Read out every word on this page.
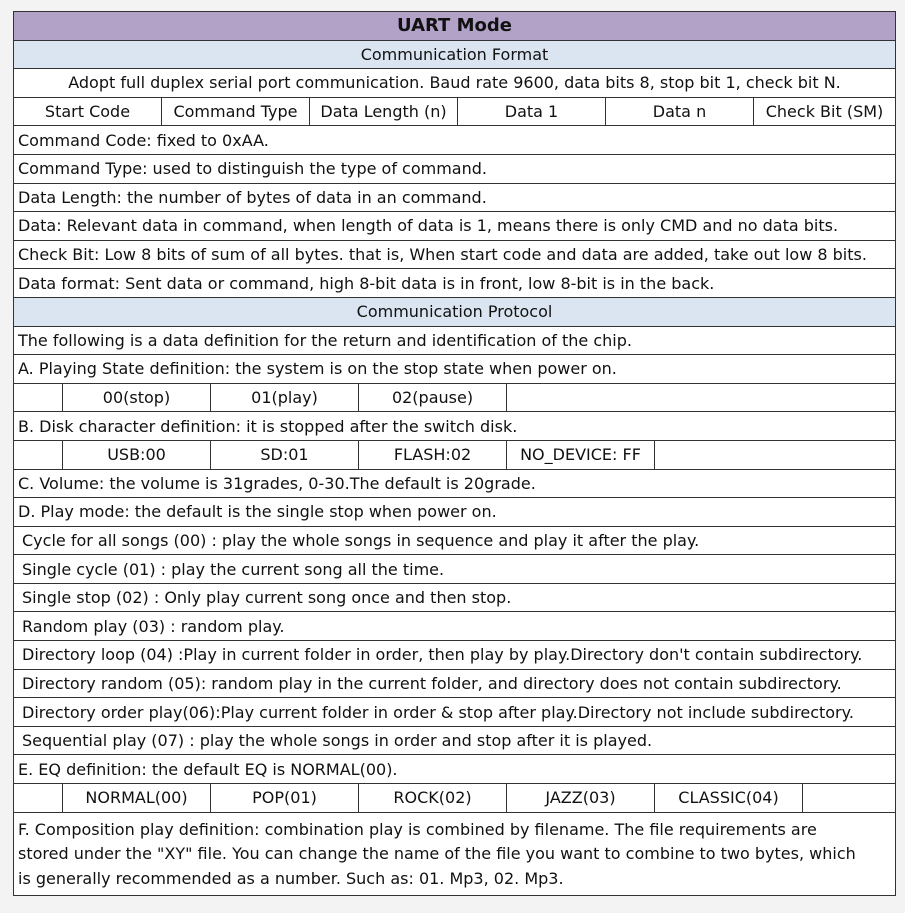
UART Mode
Communication Format
Adopt full duplex serial port communication. Baud rate 9600, data bits 8, stop bit 1, check bit N.
Start Code	Command Type	Data Length (n)	Data 1	Data n	Check Bit (SM)
Command Code: fixed to 0xAA.
Command Type: used to distinguish the type of command.
Data Length: the number of bytes of data in an command.
Data: Relevant data in command, when length of data is 1, means there is only CMD and no data bits.
Check Bit: Low 8 bits of sum of all bytes. that is, When start code and data are added, take out low 8 bits.
Data format: Sent data or command, high 8-bit data is in front, low 8-bit is in the back.
Communication Protocol
The following is a data definition for the return and identification of the chip.
A. Playing State definition: the system is on the stop state when power on.
00(stop)	01(play)	02(pause)
B. Disk character definition: it is stopped after the switch disk.
USB:00	SD:01	FLASH:02	NO_DEVICE: FF
C. Volume: the volume is 31grades, 0-30.The default is 20grade.
D. Play mode: the default is the single stop when power on.
Cycle for all songs (00) : play the whole songs in sequence and play it after the play.
Single cycle (01) : play the current song all the time.
Single stop (02) : Only play current song once and then stop.
Random play (03) : random play.
Directory loop (04) :Play in current folder in order, then play by play.Directory don't contain subdirectory.
Directory random (05): random play in the current folder, and directory does not contain subdirectory.
Directory order play(06):Play current folder in order & stop after play.Directory not include subdirectory.
Sequential play (07) : play the whole songs in order and stop after it is played.
E. EQ definition: the default EQ is NORMAL(00).
NORMAL(00)	POP(01)	ROCK(02)	JAZZ(03)	CLASSIC(04)
F. Composition play definition: combination play is combined by filename. The file requirements are
stored under the "XY" file. You can change the name of the file you want to combine to two bytes, which
is generally recommended as a number. Such as: 01. Mp3, 02. Mp3.
